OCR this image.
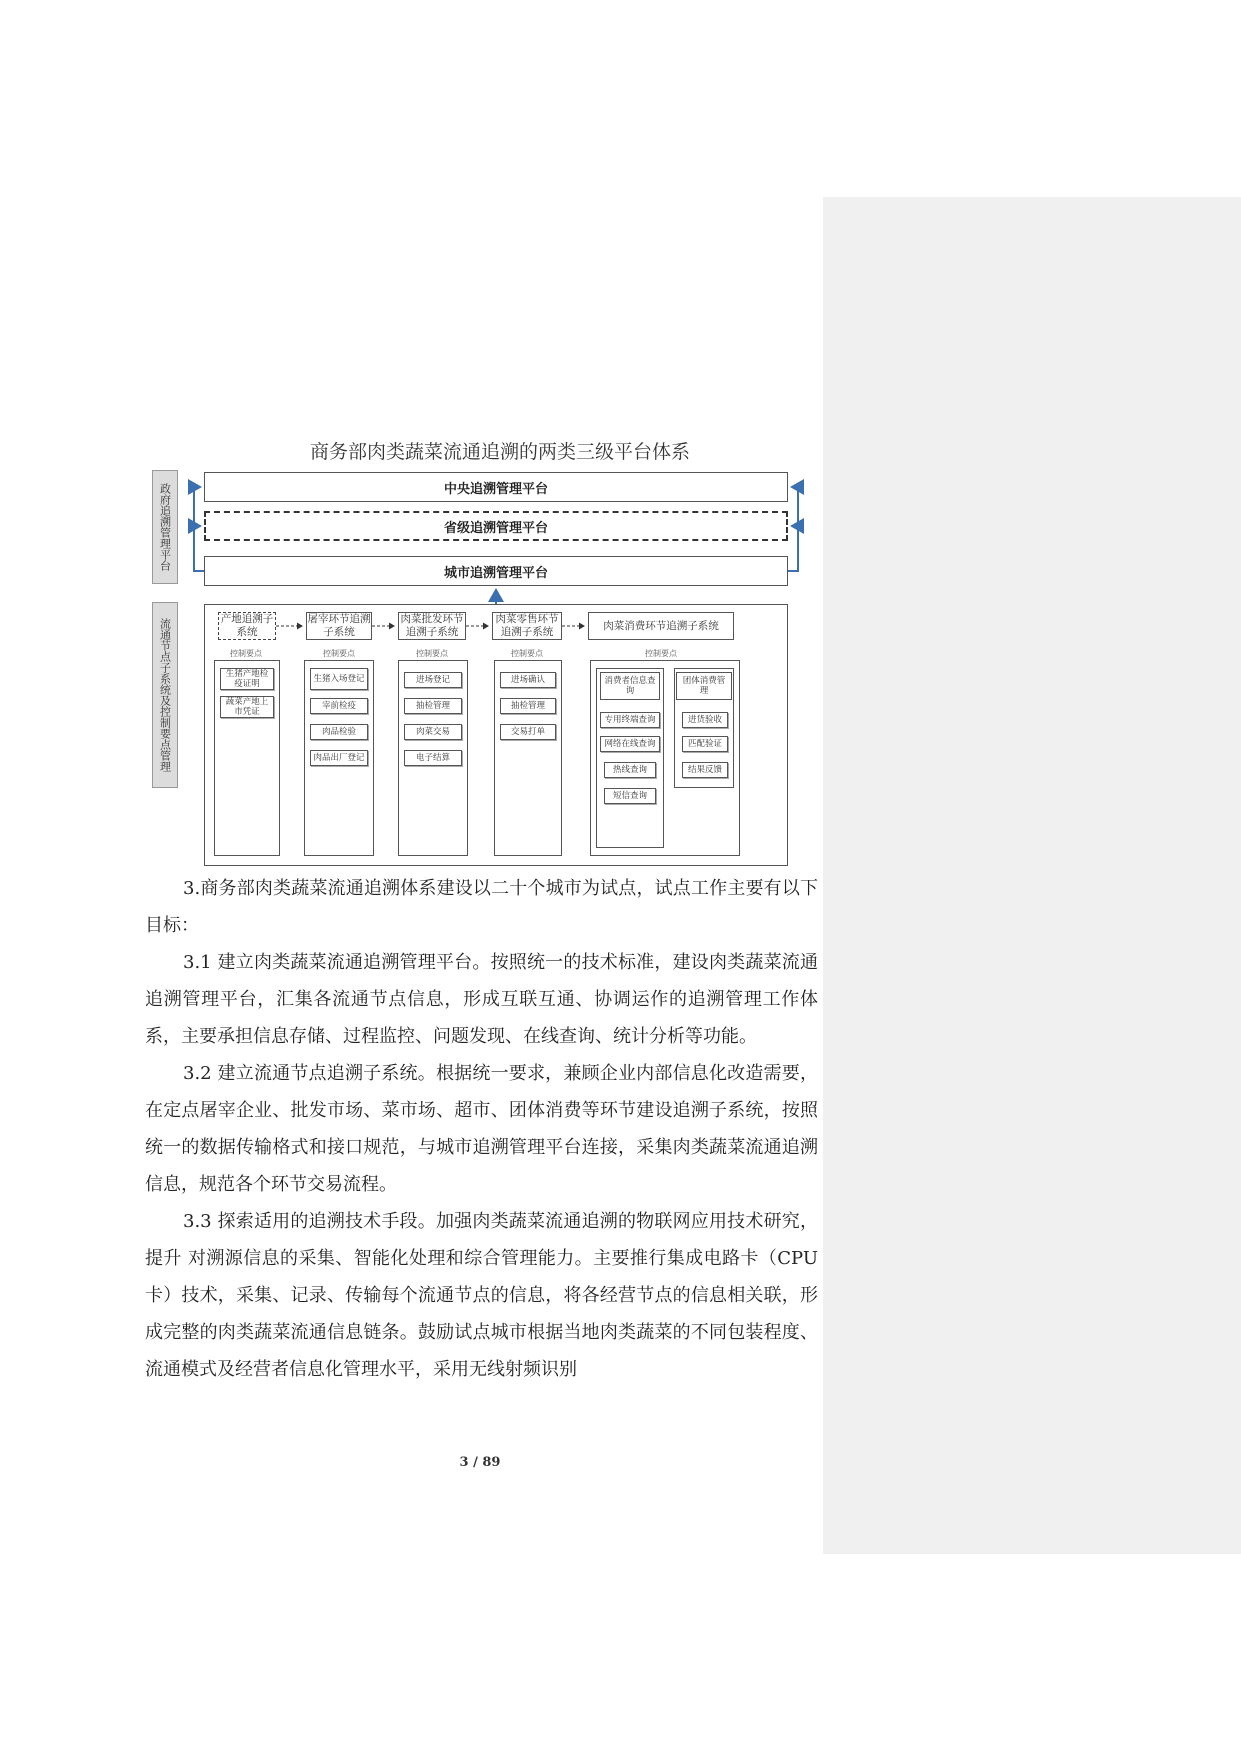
商务部肉类蔬菜流通追溯的两类三级平台体系
政府追溯管理平台
流通节点子系统及控制要点管理
中央追溯管理平台
省级追溯管理平台
城市追溯管理平台
产地追溯子系统
控制要点
生猪产地检疫证明
蔬菜产地上市凭证
屠宰环节追溯子系统
控制要点
生猪入场登记
宰前检疫
肉品检验
肉品出厂登记
肉菜批发环节追溯子系统
控制要点
进场登记
抽检管理
肉菜交易
电子结算
肉菜零售环节追溯子系统
控制要点
进场确认
抽检管理
交易打单
肉菜消费环节追溯子系统
控制要点
消费者信息查询
专用终端查询
网络在线查询
热线查询
短信查询
团体消费管理
进货验收
匹配验证
结果反馈

3.商务部肉类蔬菜流通追溯体系建设以二十个城市为试点，试点工作主要有以下目标：

3.1 建立肉类蔬菜流通追溯管理平台。按照统一的技术标准，建设肉类蔬菜流通追溯管理平台，汇集各流通节点信息，形成互联互通、协调运作的追溯管理工作体系，主要承担信息存储、过程监控、问题发现、在线查询、统计分析等功能。

3.2 建立流通节点追溯子系统。根据统一要求，兼顾企业内部信息化改造需要，在定点屠宰企业、批发市场、菜市场、超市、团体消费等环节建设追溯子系统，按照统一的数据传输格式和接口规范，与城市追溯管理平台连接，采集肉类蔬菜流通追溯信息，规范各个环节交易流程。

3.3 探索适用的追溯技术手段。加强肉类蔬菜流通追溯的物联网应用技术研究，提升 对溯源信息的采集、智能化处理和综合管理能力。主要推行集成电路卡（CPU卡）技术，采集、记录、传输每个流通节点的信息，将各经营节点的信息相关联，形成完整的肉类蔬菜流通信息链条。鼓励试点城市根据当地肉类蔬菜的不同包装程度、流通模式及经营者信息化管理水平，采用无线射频识别

3 / 89
